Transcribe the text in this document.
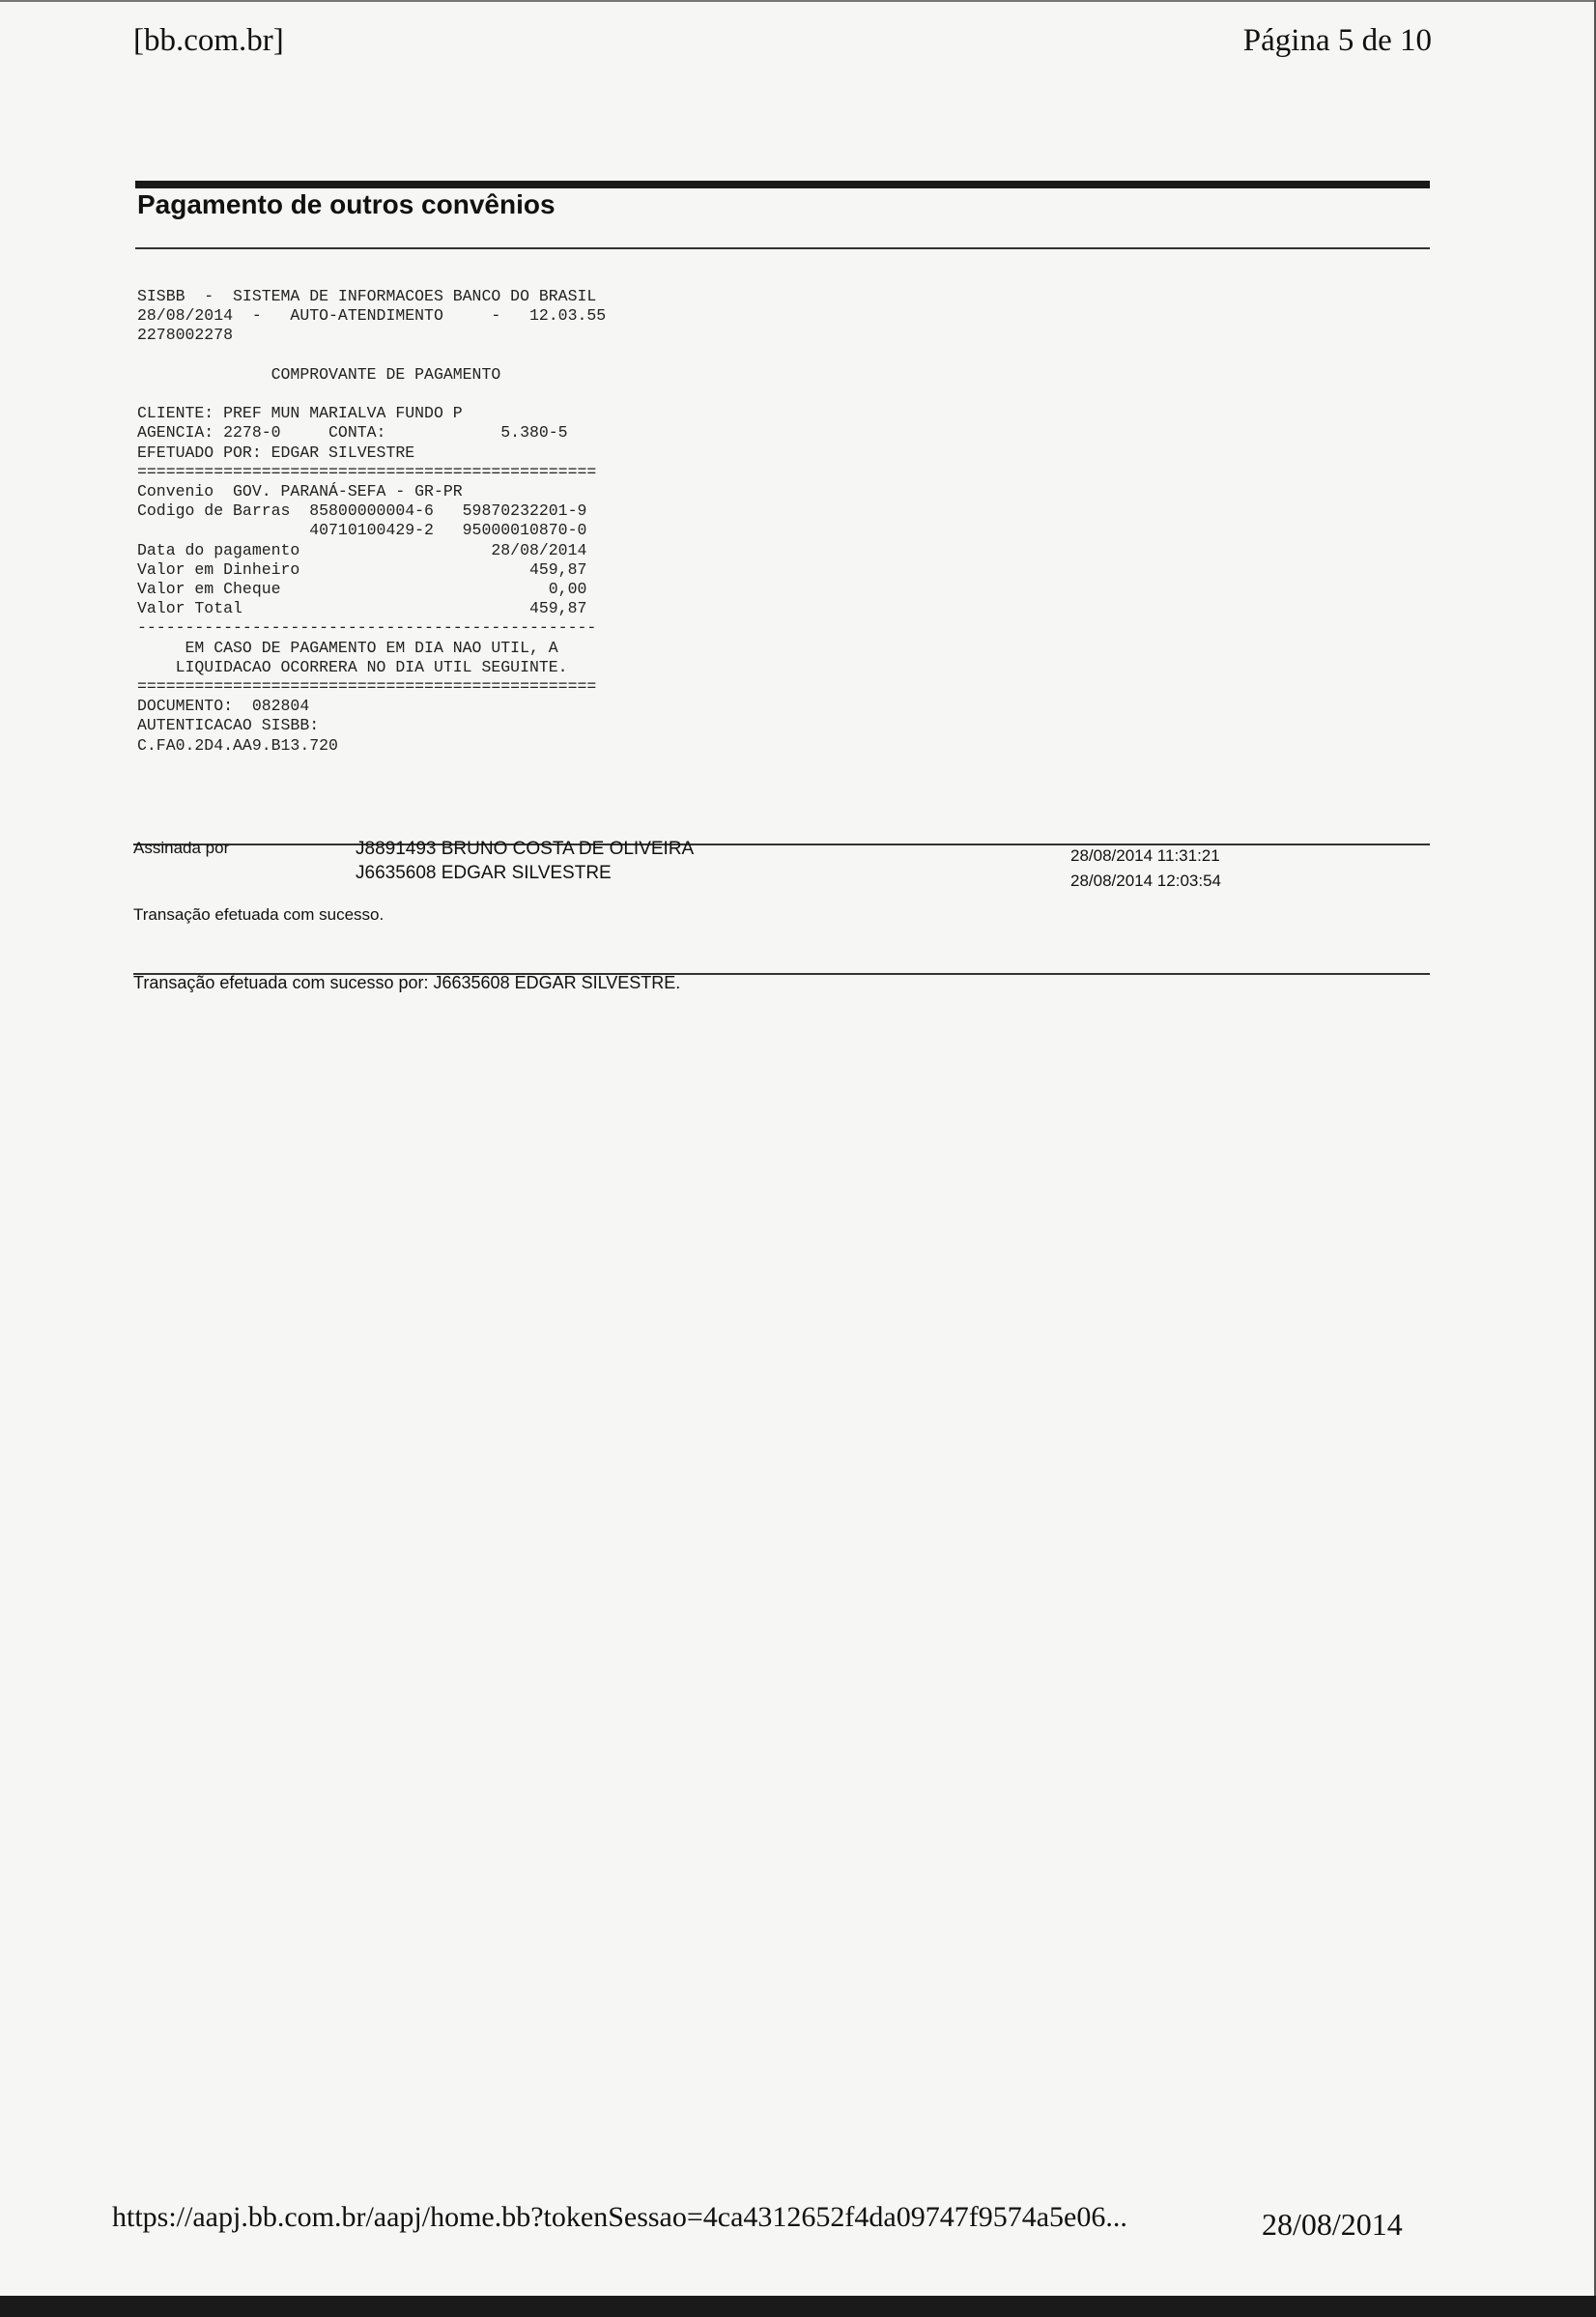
[bb.com.br]	Página 5 de 10
Pagamento de outros convênios
SISBB  -  SISTEMA DE INFORMACOES BANCO DO BRASIL
28/08/2014  -   AUTO-ATENDIMENTO     -   12.03.55
2278002278

COMPROVANTE DE PAGAMENTO

CLIENTE: PREF MUN MARIALVA FUNDO P
AGENCIA: 2278-0     CONTA:            5.380-5
EFETUADO POR: EDGAR SILVESTRE
================================================
Convenio  GOV. PARANÁ-SEFA - GR-PR
Codigo de Barras  85800000004-6   59870232201-9
40710100429-2   95000010870-0
Data do pagamento                    28/08/2014
Valor em Dinheiro                        459,87
Valor em Cheque                            0,00
Valor Total                              459,87
------------------------------------------------
EM CASO DE PAGAMENTO EM DIA NAO UTIL, A
LIQUIDACAO OCORRERA NO DIA UTIL SEGUINTE.
================================================
DOCUMENTO:  082804
AUTENTICACAO SISBB:
C.FA0.2D4.AA9.B13.720
Assinada por	J8891493 BRUNO COSTA DE OLIVEIRA	28/08/2014 11:31:21
J6635608 EDGAR SILVESTRE	28/08/2014 12:03:54
Transação efetuada com sucesso.
Transação efetuada com sucesso por: J6635608 EDGAR SILVESTRE.
https://aapj.bb.com.br/aapj/home.bb?tokenSessao=4ca4312652f4da09747f9574a5e06...	28/08/2014
